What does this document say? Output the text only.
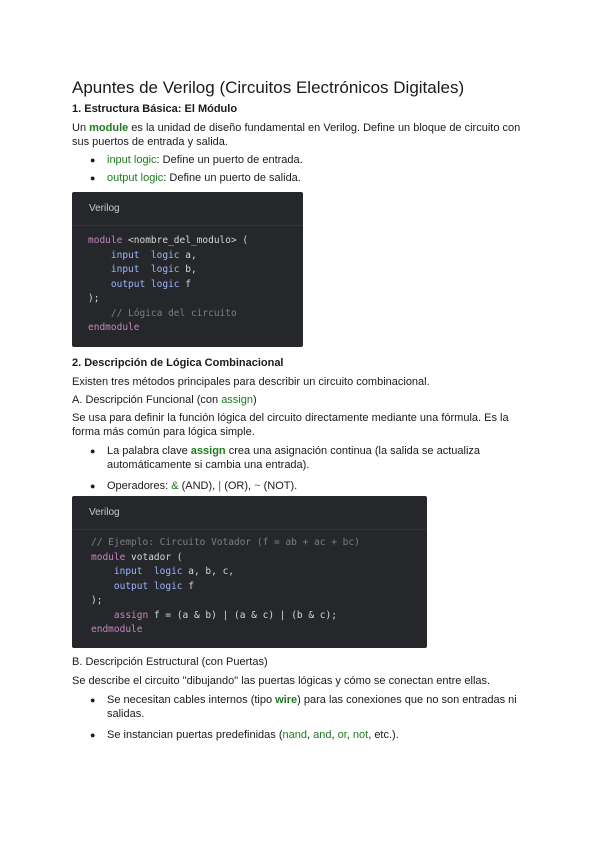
Apuntes de Verilog (Circuitos Electrónicos Digitales)
1. Estructura Básica: El Módulo
Un module es la unidad de diseño fundamental en Verilog. Define un bloque de circuito con sus puertos de entrada y salida.
● input logic: Define un puerto de entrada.
● output logic: Define un puerto de salida.
Verilog
module <nombre_del_modulo> (
input  logic a,
input  logic b,
output logic f
);
// Lógica del circuito
endmodule
2. Descripción de Lógica Combinacional
Existen tres métodos principales para describir un circuito combinacional.
A. Descripción Funcional (con assign)
Se usa para definir la función lógica del circuito directamente mediante una fórmula. Es la forma más común para lógica simple.
● La palabra clave assign crea una asignación continua (la salida se actualiza automáticamente si cambia una entrada).
● Operadores: & (AND), | (OR), ~ (NOT).
Verilog
// Ejemplo: Circuito Votador (f = ab + ac + bc)
module votador (
input  logic a, b, c,
output logic f
);
assign f = (a & b) | (a & c) | (b & c);
endmodule
B. Descripción Estructural (con Puertas)
Se describe el circuito "dibujando" las puertas lógicas y cómo se conectan entre ellas.
● Se necesitan cables internos (tipo wire) para las conexiones que no son entradas ni salidas.
● Se instancian puertas predefinidas (nand, and, or, not, etc.).
